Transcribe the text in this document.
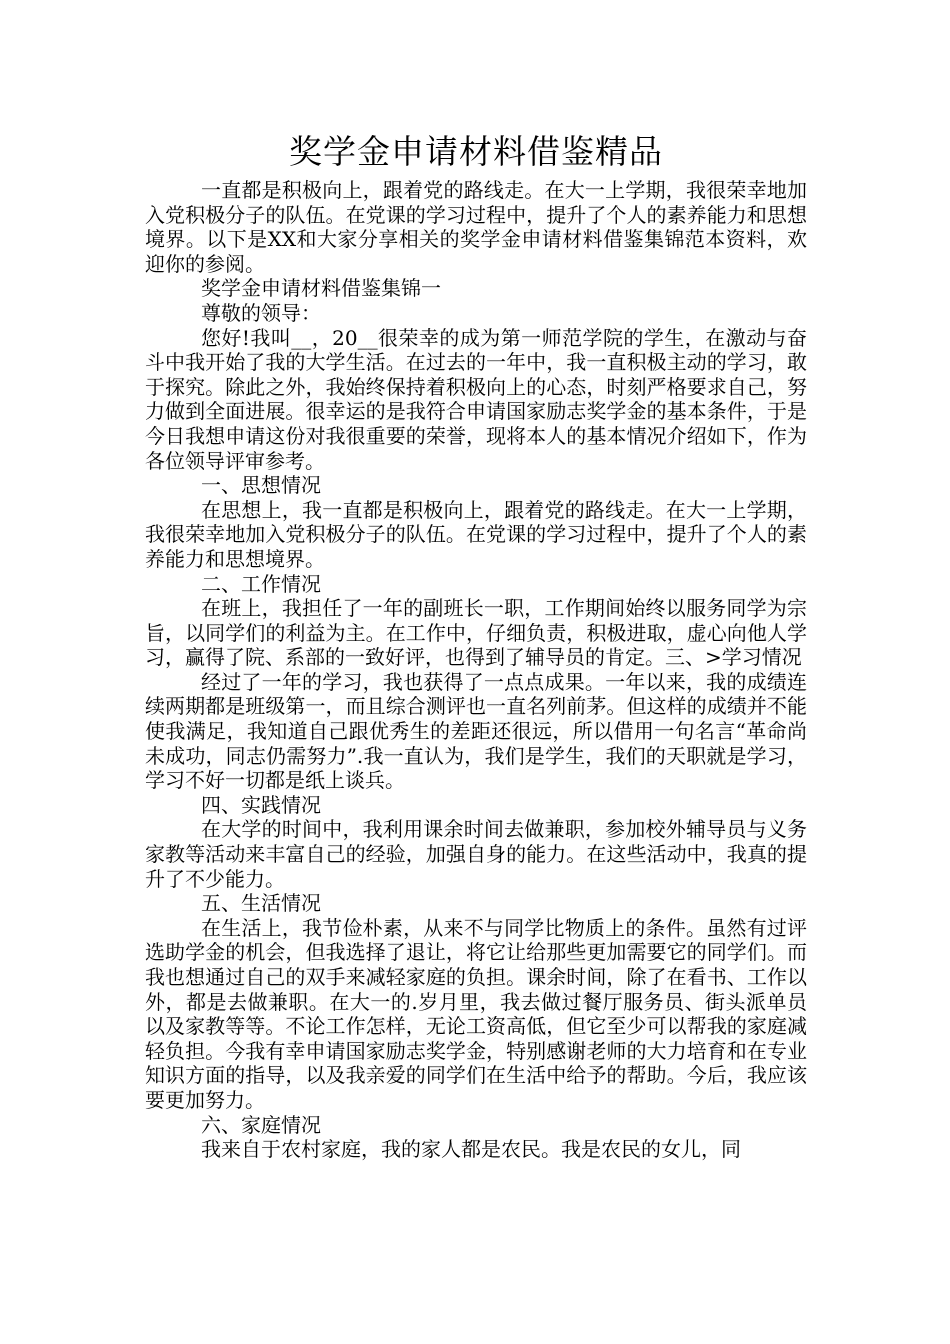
奖学金申请材料借鉴精品

一直都是积极向上，跟着党的路线走。在大一上学期，我很荣幸地加入党积极分子的队伍。在党课的学习过程中，提升了个人的素养能力和思想境界。以下是XX和大家分享相关的奖学金申请材料借鉴集锦范本资料，欢迎你的参阅。

奖学金申请材料借鉴集锦一

尊敬的领导：

您好!我叫__，20__很荣幸的成为第一师范学院的学生，在激动与奋斗中我开始了我的大学生活。在过去的一年中，我一直积极主动的学习，敢于探究。除此之外，我始终保持着积极向上的心态，时刻严格要求自己，努力做到全面进展。很幸运的是我符合申请国家励志奖学金的基本条件，于是今日我想申请这份对我很重要的荣誉，现将本人的基本情况介绍如下，作为各位领导评审参考。

一、思想情况

在思想上，我一直都是积极向上，跟着党的路线走。在大一上学期，我很荣幸地加入党积极分子的队伍。在党课的学习过程中，提升了个人的素养能力和思想境界。

二、工作情况

在班上，我担任了一年的副班长一职，工作期间始终以服务同学为宗旨，以同学们的利益为主。在工作中，仔细负责，积极进取，虚心向他人学习，赢得了院、系部的一致好评，也得到了辅导员的肯定。三、>学习情况

经过了一年的学习，我也获得了一点点成果。一年以来，我的成绩连续两期都是班级第一，而且综合测评也一直名列前茅。但这样的成绩并不能使我满足，我知道自己跟优秀生的差距还很远，所以借用一句名言“革命尚未成功，同志仍需努力”.我一直认为，我们是学生，我们的天职就是学习，学习不好一切都是纸上谈兵。

四、实践情况

在大学的时间中，我利用课余时间去做兼职，参加校外辅导员与义务家教等活动来丰富自己的经验，加强自身的能力。在这些活动中，我真的提升了不少能力。

五、生活情况

在生活上，我节俭朴素，从来不与同学比物质上的条件。虽然有过评选助学金的机会，但我选择了退让，将它让给那些更加需要它的同学们。而我也想通过自己的双手来减轻家庭的负担。课余时间，除了在看书、工作以外，都是去做兼职。在大一的.岁月里，我去做过餐厅服务员、街头派单员以及家教等等。不论工作怎样，无论工资高低，但它至少可以帮我的家庭减轻负担。今我有幸申请国家励志奖学金，特别感谢老师的大力培育和在专业知识方面的指导，以及我亲爱的同学们在生活中给予的帮助。今后，我应该要更加努力。

六、家庭情况

我来自于农村家庭，我的家人都是农民。我是农民的女儿，同
